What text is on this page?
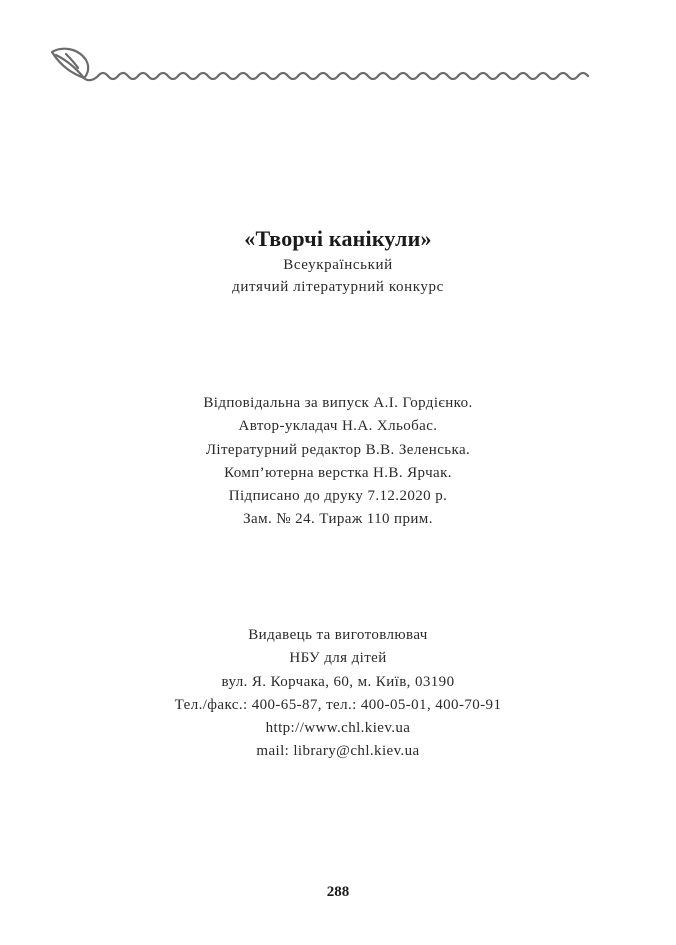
«Творчі канікули»
Всеукраїнський
дитячий літературний конкурс
Відповідальна за випуск А.І. Гордієнко.
Автор-укладач Н.А. Хльобас.
Літературний редактор В.В. Зеленська.
Комп’ютерна верстка Н.В. Ярчак.
Підписано до друку 7.12.2020 р.
Зам. № 24. Тираж 110 прим.
Видавець та виготовлювач
НБУ для дітей
вул. Я. Корчака, 60, м. Київ, 03190
Тел./факс.: 400-65-87, тел.: 400-05-01, 400-70-91
http://www.chl.kiev.ua
mail: library@chl.kiev.ua
288
